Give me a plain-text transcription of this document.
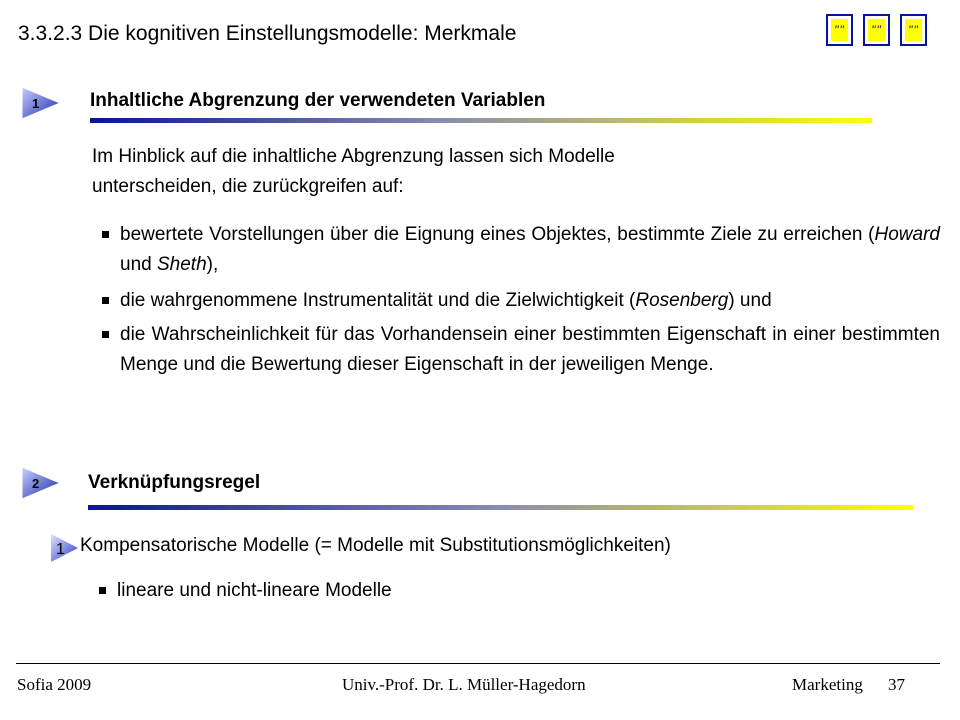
3.3.2.3 Die kognitiven Einstellungsmodelle: Merkmale	"" "" ""
1	Inhaltliche Abgrenzung der verwendeten Variablen
Im Hinblick auf die inhaltliche Abgrenzung lassen sich Modelle
unterscheiden, die zurückgreifen auf:
bewertete Vorstellungen über die Eignung eines Objektes, bestimmte Ziele zu erreichen (Howard und Sheth),
die wahrgenommene Instrumentalität und die Zielwichtigkeit (Rosenberg) und
die Wahrscheinlichkeit für das Vorhandensein einer bestimmten Eigenschaft in einer bestimmten Menge und die Bewertung dieser Eigenschaft in der jeweiligen Menge.
2	Verknüpfungsregel
1 Kompensatorische Modelle (= Modelle mit Substitutionsmöglichkeiten)
lineare und nicht-lineare Modelle
Sofia 2009	Univ.-Prof. Dr. L. Müller-Hagedorn	Marketing 37
